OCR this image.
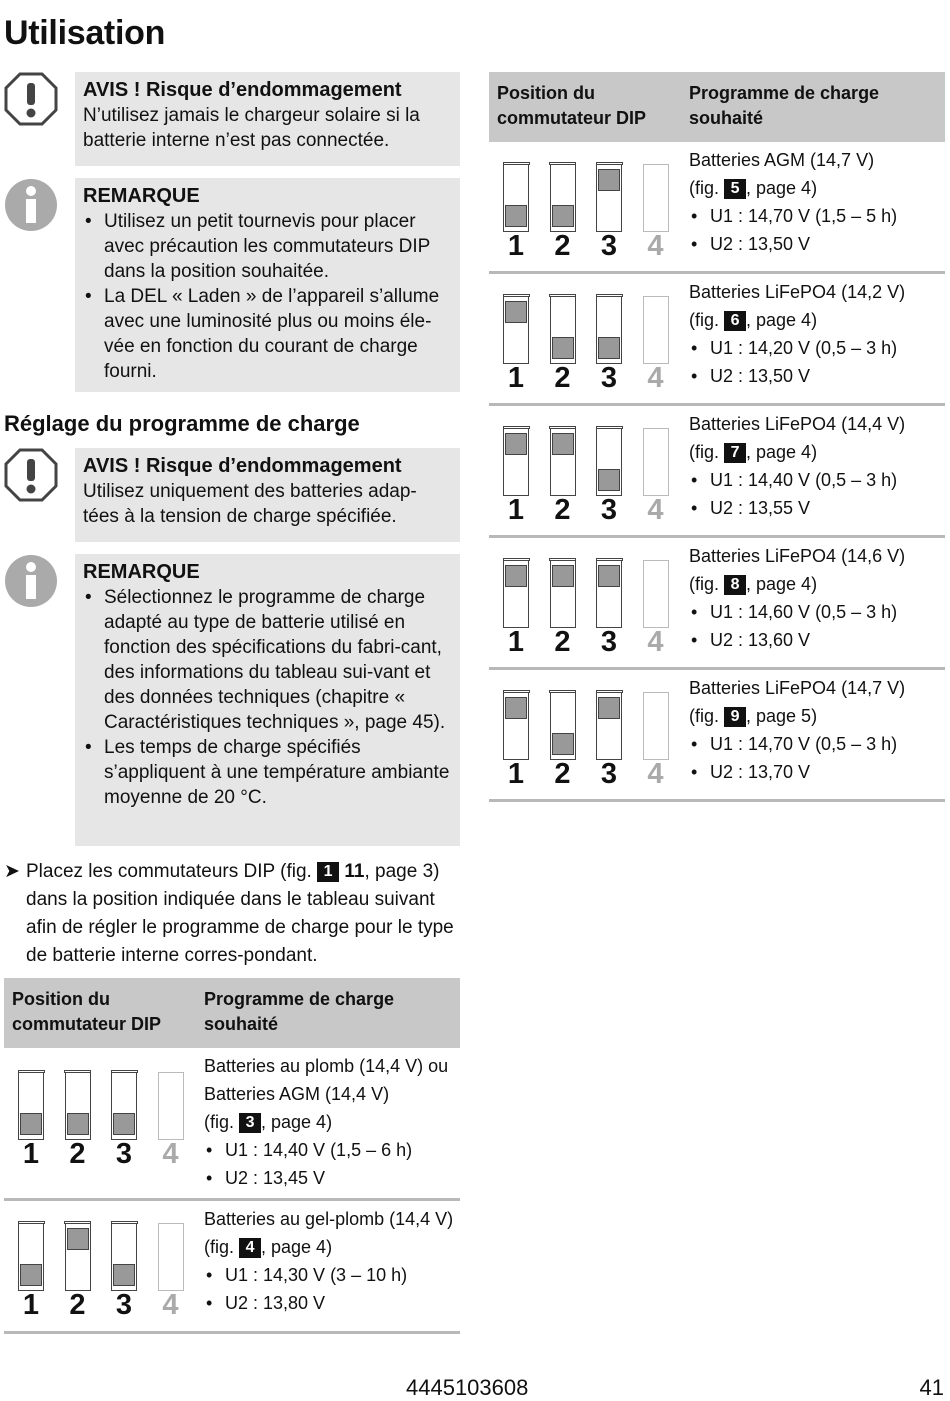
Utilisation
AVIS ! Risque d’endommagement
N’utilisez jamais le chargeur solaire si la batterie interne n’est pas connectée.
REMARQUE
• Utilisez un petit tournevis pour placer avec précaution les commutateurs DIP dans la position souhaitée.
• La DEL « Laden » de l’appareil s’allume avec une luminosité plus ou moins éle-vée en fonction du courant de charge fourni.
Réglage du programme de charge
AVIS ! Risque d’endommagement
Utilisez uniquement des batteries adap-tées à la tension de charge spécifiée.
REMARQUE
• Sélectionnez le programme de charge adapté au type de batterie utilisé en fonction des spécifications du fabri-cant, des informations du tableau sui-vant et des données techniques (chapitre « Caractéristiques techniques », page 45).
• Les temps de charge spécifiés s’appliquent à une température ambiante moyenne de 20 °C.
➤ Placez les commutateurs DIP (fig. 1 11, page 3) dans la position indiquée dans le tableau suivant afin de régler le programme de charge pour le type de batterie interne corres-pondant.
Position du commutateur DIP
Programme de charge souhaité
1 2 3 4
Batteries au plomb (14,4 V) ou
Batteries AGM (14,4 V)
(fig. 3 , page 4)
• U1 : 14,40 V (1,5 – 6 h)
• U2 : 13,45 V
1 2 3 4
Batteries au gel-plomb (14,4 V)
(fig. 4 , page 4)
• U1 : 14,30 V (3 – 10 h)
• U2 : 13,80 V
Position du commutateur DIP
Programme de charge souhaité
1 2 3 4
Batteries AGM (14,7 V)
(fig. 5 , page 4)
• U1 : 14,70 V (1,5 – 5 h)
• U2 : 13,50 V
1 2 3 4
Batteries LiFePO4 (14,2 V)
(fig. 6 , page 4)
• U1 : 14,20 V (0,5 – 3 h)
• U2 : 13,50 V
1 2 3 4
Batteries LiFePO4 (14,4 V)
(fig. 7 , page 4)
• U1 : 14,40 V (0,5 – 3 h)
• U2 : 13,55 V
1 2 3 4
Batteries LiFePO4 (14,6 V)
(fig. 8 , page 4)
• U1 : 14,60 V (0,5 – 3 h)
• U2 : 13,60 V
1 2 3 4
Batteries LiFePO4 (14,7 V)
(fig. 9 , page 5)
• U1 : 14,70 V (0,5 – 3 h)
• U2 : 13,70 V
4445103608	41
